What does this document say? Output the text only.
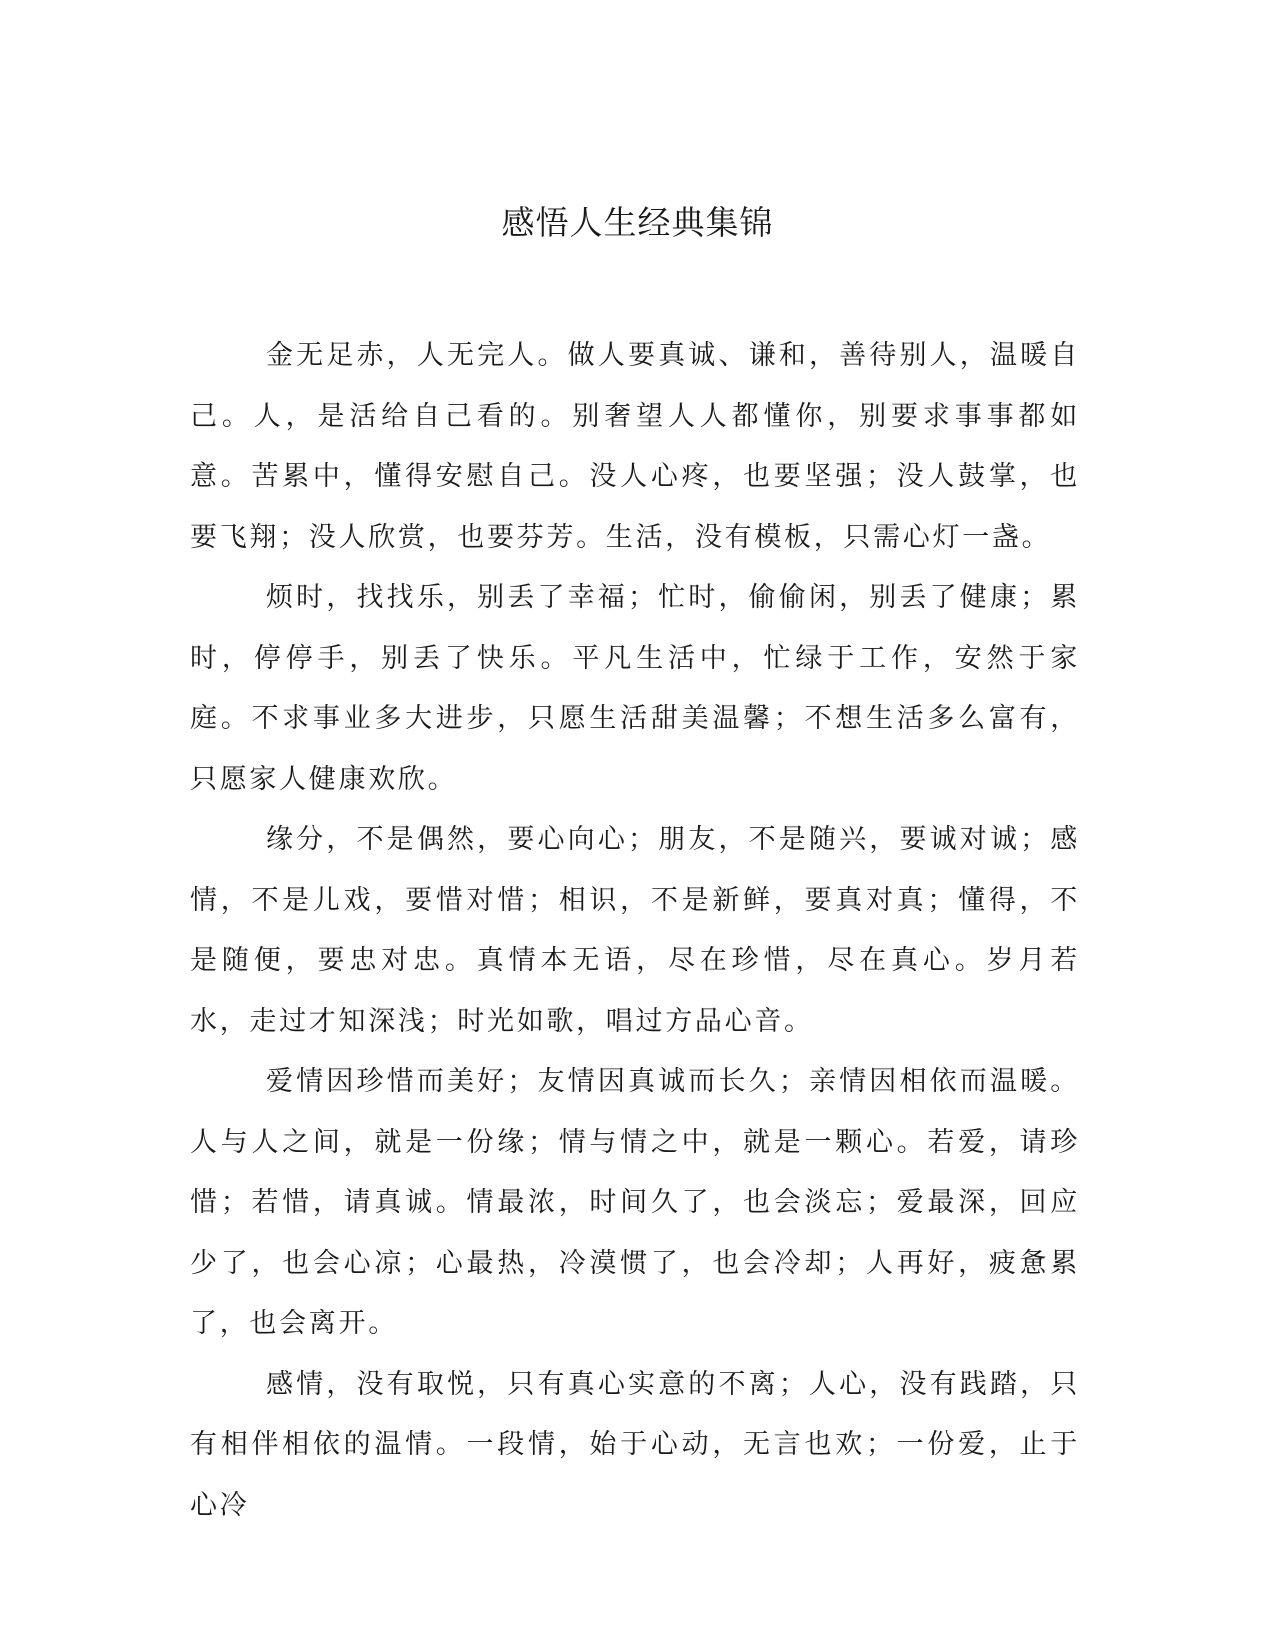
感悟人生经典集锦

金无足赤，人无完人。做人要真诚、谦和，善待别人，温暖自己。人，是活给自己看的。别奢望人人都懂你，别要求事事都如意。苦累中，懂得安慰自己。没人心疼，也要坚强；没人鼓掌，也要飞翔；没人欣赏，也要芬芳。生活，没有模板，只需心灯一盏。

烦时，找找乐，别丢了幸福；忙时，偷偷闲，别丢了健康；累时，停停手，别丢了快乐。平凡生活中，忙绿于工作，安然于家庭。不求事业多大进步，只愿生活甜美温馨；不想生活多么富有，只愿家人健康欢欣。

缘分，不是偶然，要心向心；朋友，不是随兴，要诚对诚；感情，不是儿戏，要惜对惜；相识，不是新鲜，要真对真；懂得，不是随便，要忠对忠。真情本无语，尽在珍惜，尽在真心。岁月若水，走过才知深浅；时光如歌，唱过方品心音。

爱情因珍惜而美好；友情因真诚而长久；亲情因相依而温暖。人与人之间，就是一份缘；情与情之中，就是一颗心。若爱，请珍惜；若惜，请真诚。情最浓，时间久了，也会淡忘；爱最深，回应少了，也会心凉；心最热，冷漠惯了，也会冷却；人再好，疲惫累了，也会离开。

感情，没有取悦，只有真心实意的不离；人心，没有践踏，只有相伴相依的温情。一段情，始于心动，无言也欢；一份爱，止于心冷
